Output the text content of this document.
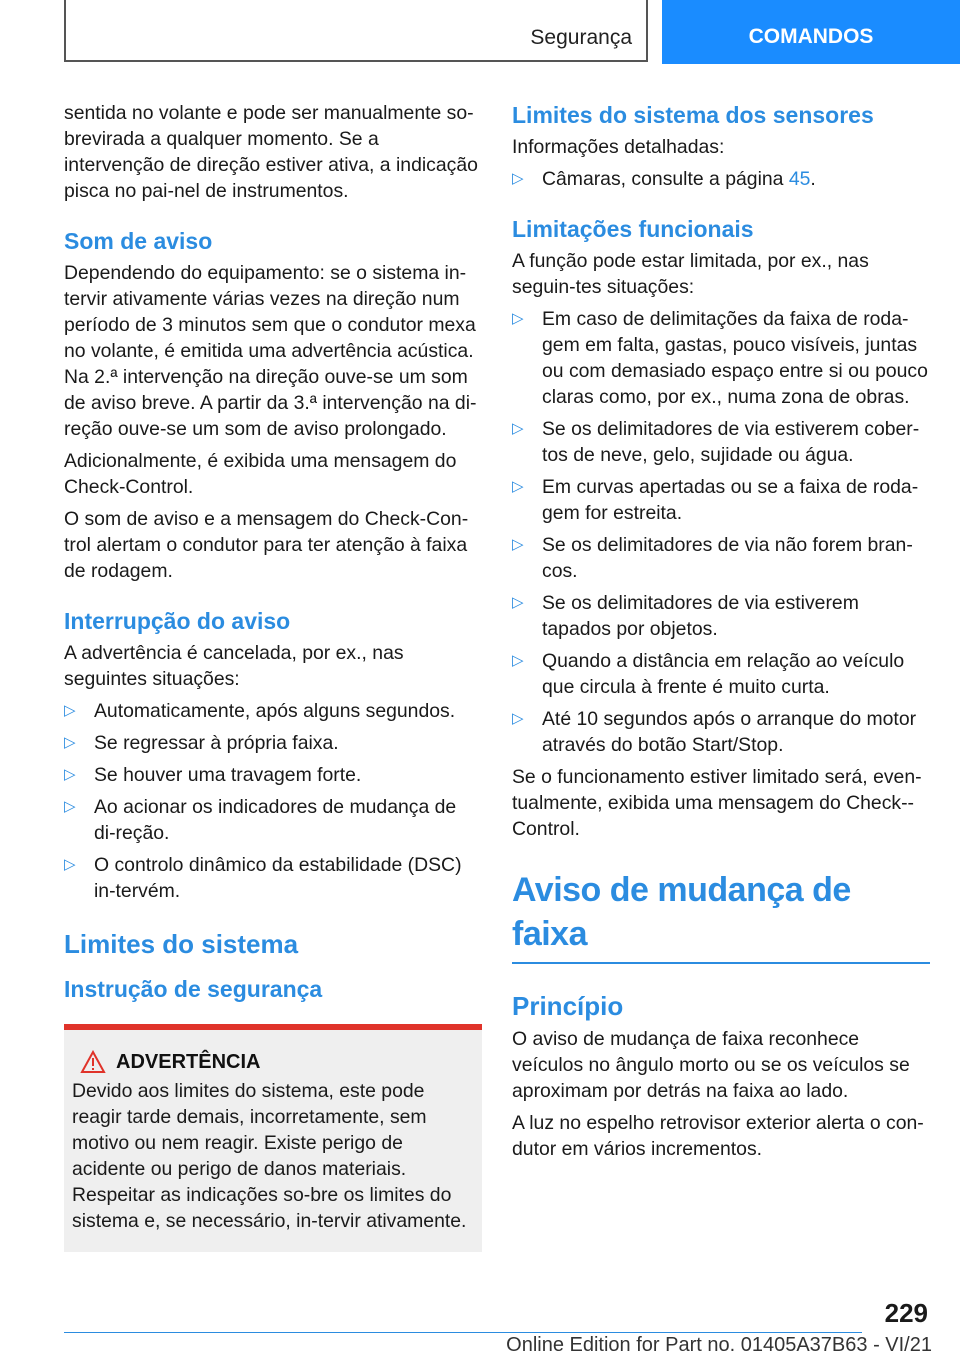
Segurança	COMANDOS

sentida no volante e pode ser manualmente so-brevirada a qualquer momento. Se a intervenção de direção estiver ativa, a indicação pisca no pai-nel de instrumentos.

Som de aviso

Dependendo do equipamento: se o sistema in-tervir ativamente várias vezes na direção num período de 3 minutos sem que o condutor mexa no volante, é emitida uma advertência acústica. Na 2.ª intervenção na direção ouve-se um som de aviso breve. A partir da 3.ª intervenção na di-reção ouve-se um som de aviso prolongado.

Adicionalmente, é exibida uma mensagem do Check-Control.

O som de aviso e a mensagem do Check-Con-trol alertam o condutor para ter atenção à faixa de rodagem.

Interrupção do aviso

A advertência é cancelada, por ex., nas seguintes situações:

▷ Automaticamente, após alguns segundos.
▷ Se regressar à própria faixa.
▷ Se houver uma travagem forte.
▷ Ao acionar os indicadores de mudança de di-reção.
▷ O controlo dinâmico da estabilidade (DSC) in-tervém.
Limites do sistema
Instrução de segurança
ADVERTÊNCIA

Devido aos limites do sistema, este pode reagir tarde demais, incorretamente, sem motivo ou nem reagir. Existe perigo de acidente ou perigo de danos materiais. Respeitar as indicações so-bre os limites do sistema e, se necessário, in-tervir ativamente.

Limites do sistema dos sensores

Informações detalhadas:

▷ Câmaras, consulte a página 45.
Limitações funcionais

A função pode estar limitada, por ex., nas seguin-tes situações:

▷ Em caso de delimitações da faixa de roda-gem em falta, gastas, pouco visíveis, juntas ou com demasiado espaço entre si ou pouco claras como, por ex., numa zona de obras.
▷ Se os delimitadores de via estiverem cober-tos de neve, gelo, sujidade ou água.
▷ Em curvas apertadas ou se a faixa de roda-gem for estreita.
▷ Se os delimitadores de via não forem bran-cos.
▷ Se os delimitadores de via estiverem tapados por objetos.
▷ Quando a distância em relação ao veículo que circula à frente é muito curta.
▷ Até 10 segundos após o arranque do motor através do botão Start/Stop.

Se o funcionamento estiver limitado será, even-tualmente, exibida uma mensagem do Check--Control.

Aviso de mudança de faixa
Princípio

O aviso de mudança de faixa reconhece veículos no ângulo morto ou se os veículos se aproximam por detrás na faixa ao lado.

A luz no espelho retrovisor exterior alerta o con-dutor em vários incrementos.

229
Online Edition for Part no. 01405A37B63 - VI/21
